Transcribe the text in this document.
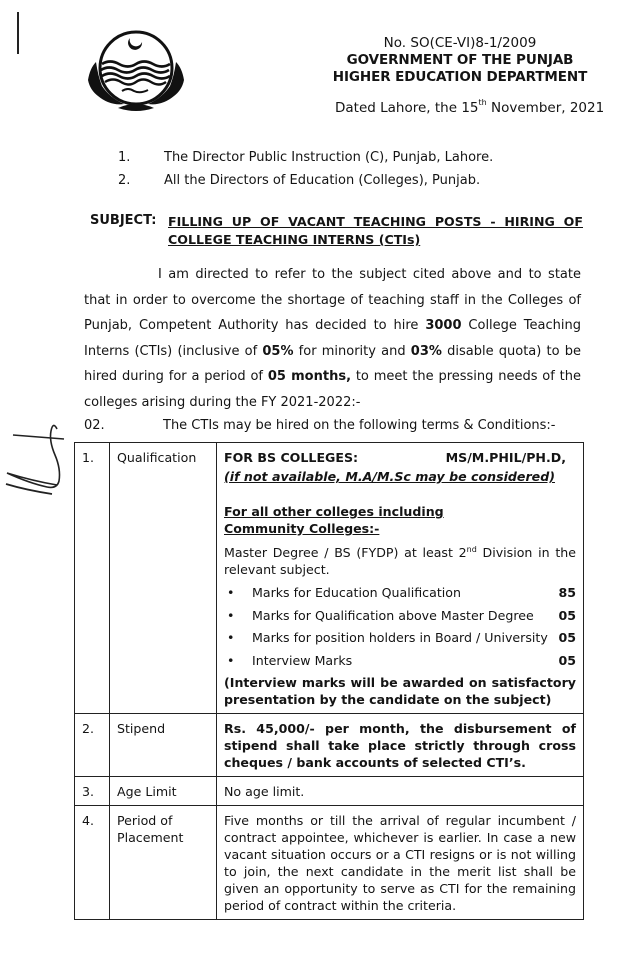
No. SO(CE-VI)8-1/2009
GOVERNMENT OF THE PUNJAB
HIGHER EDUCATION DEPARTMENT
Dated Lahore, the 15th November, 2021
1.	The Director Public Instruction (C), Punjab, Lahore.
2.	All the Directors of Education (Colleges), Punjab.
SUBJECT: FILLING UP OF VACANT TEACHING POSTS - HIRING OF
COLLEGE TEACHING INTERNS (CTIs)
I am directed to refer to the subject cited above and to state that in order to overcome the shortage of teaching staff in the Colleges of Punjab, Competent Authority has decided to hire 3000 College Teaching Interns (CTIs) (inclusive of 05% for minority and 03% disable quota) to be hired during for a period of 05 months, to meet the pressing needs of the colleges arising during the FY 2021-2022:-
02.	The CTIs may be hired on the following terms & Conditions:-
1.	Qualification	FOR BS COLLEGES:	MS/M.PHIL/PH.D,
(if not available, M.A/M.Sc may be considered)
For all other colleges including Community Colleges:-
Master Degree / BS (FYDP) at least 2nd Division in the relevant subject.
•	Marks for Education Qualification	85
•	Marks for Qualification above Master Degree	05
•	Marks for position holders in Board / University 05
•	Interview Marks	05
(Interview marks will be awarded on satisfactory presentation by the candidate on the subject)

2.	Stipend	Rs. 45,000/- per month, the disbursement of stipend shall take place strictly through cross cheques / bank accounts of selected CTI’s.
3.	Age Limit	No age limit.
4.	Period of Placement	Five months or till the arrival of regular incumbent / contract appointee, whichever is earlier. In case a new vacant situation occurs or a CTI resigns or is not willing to join, the next candidate in the merit list shall be given an opportunity to serve as CTI for the remaining period of contract within the criteria.
